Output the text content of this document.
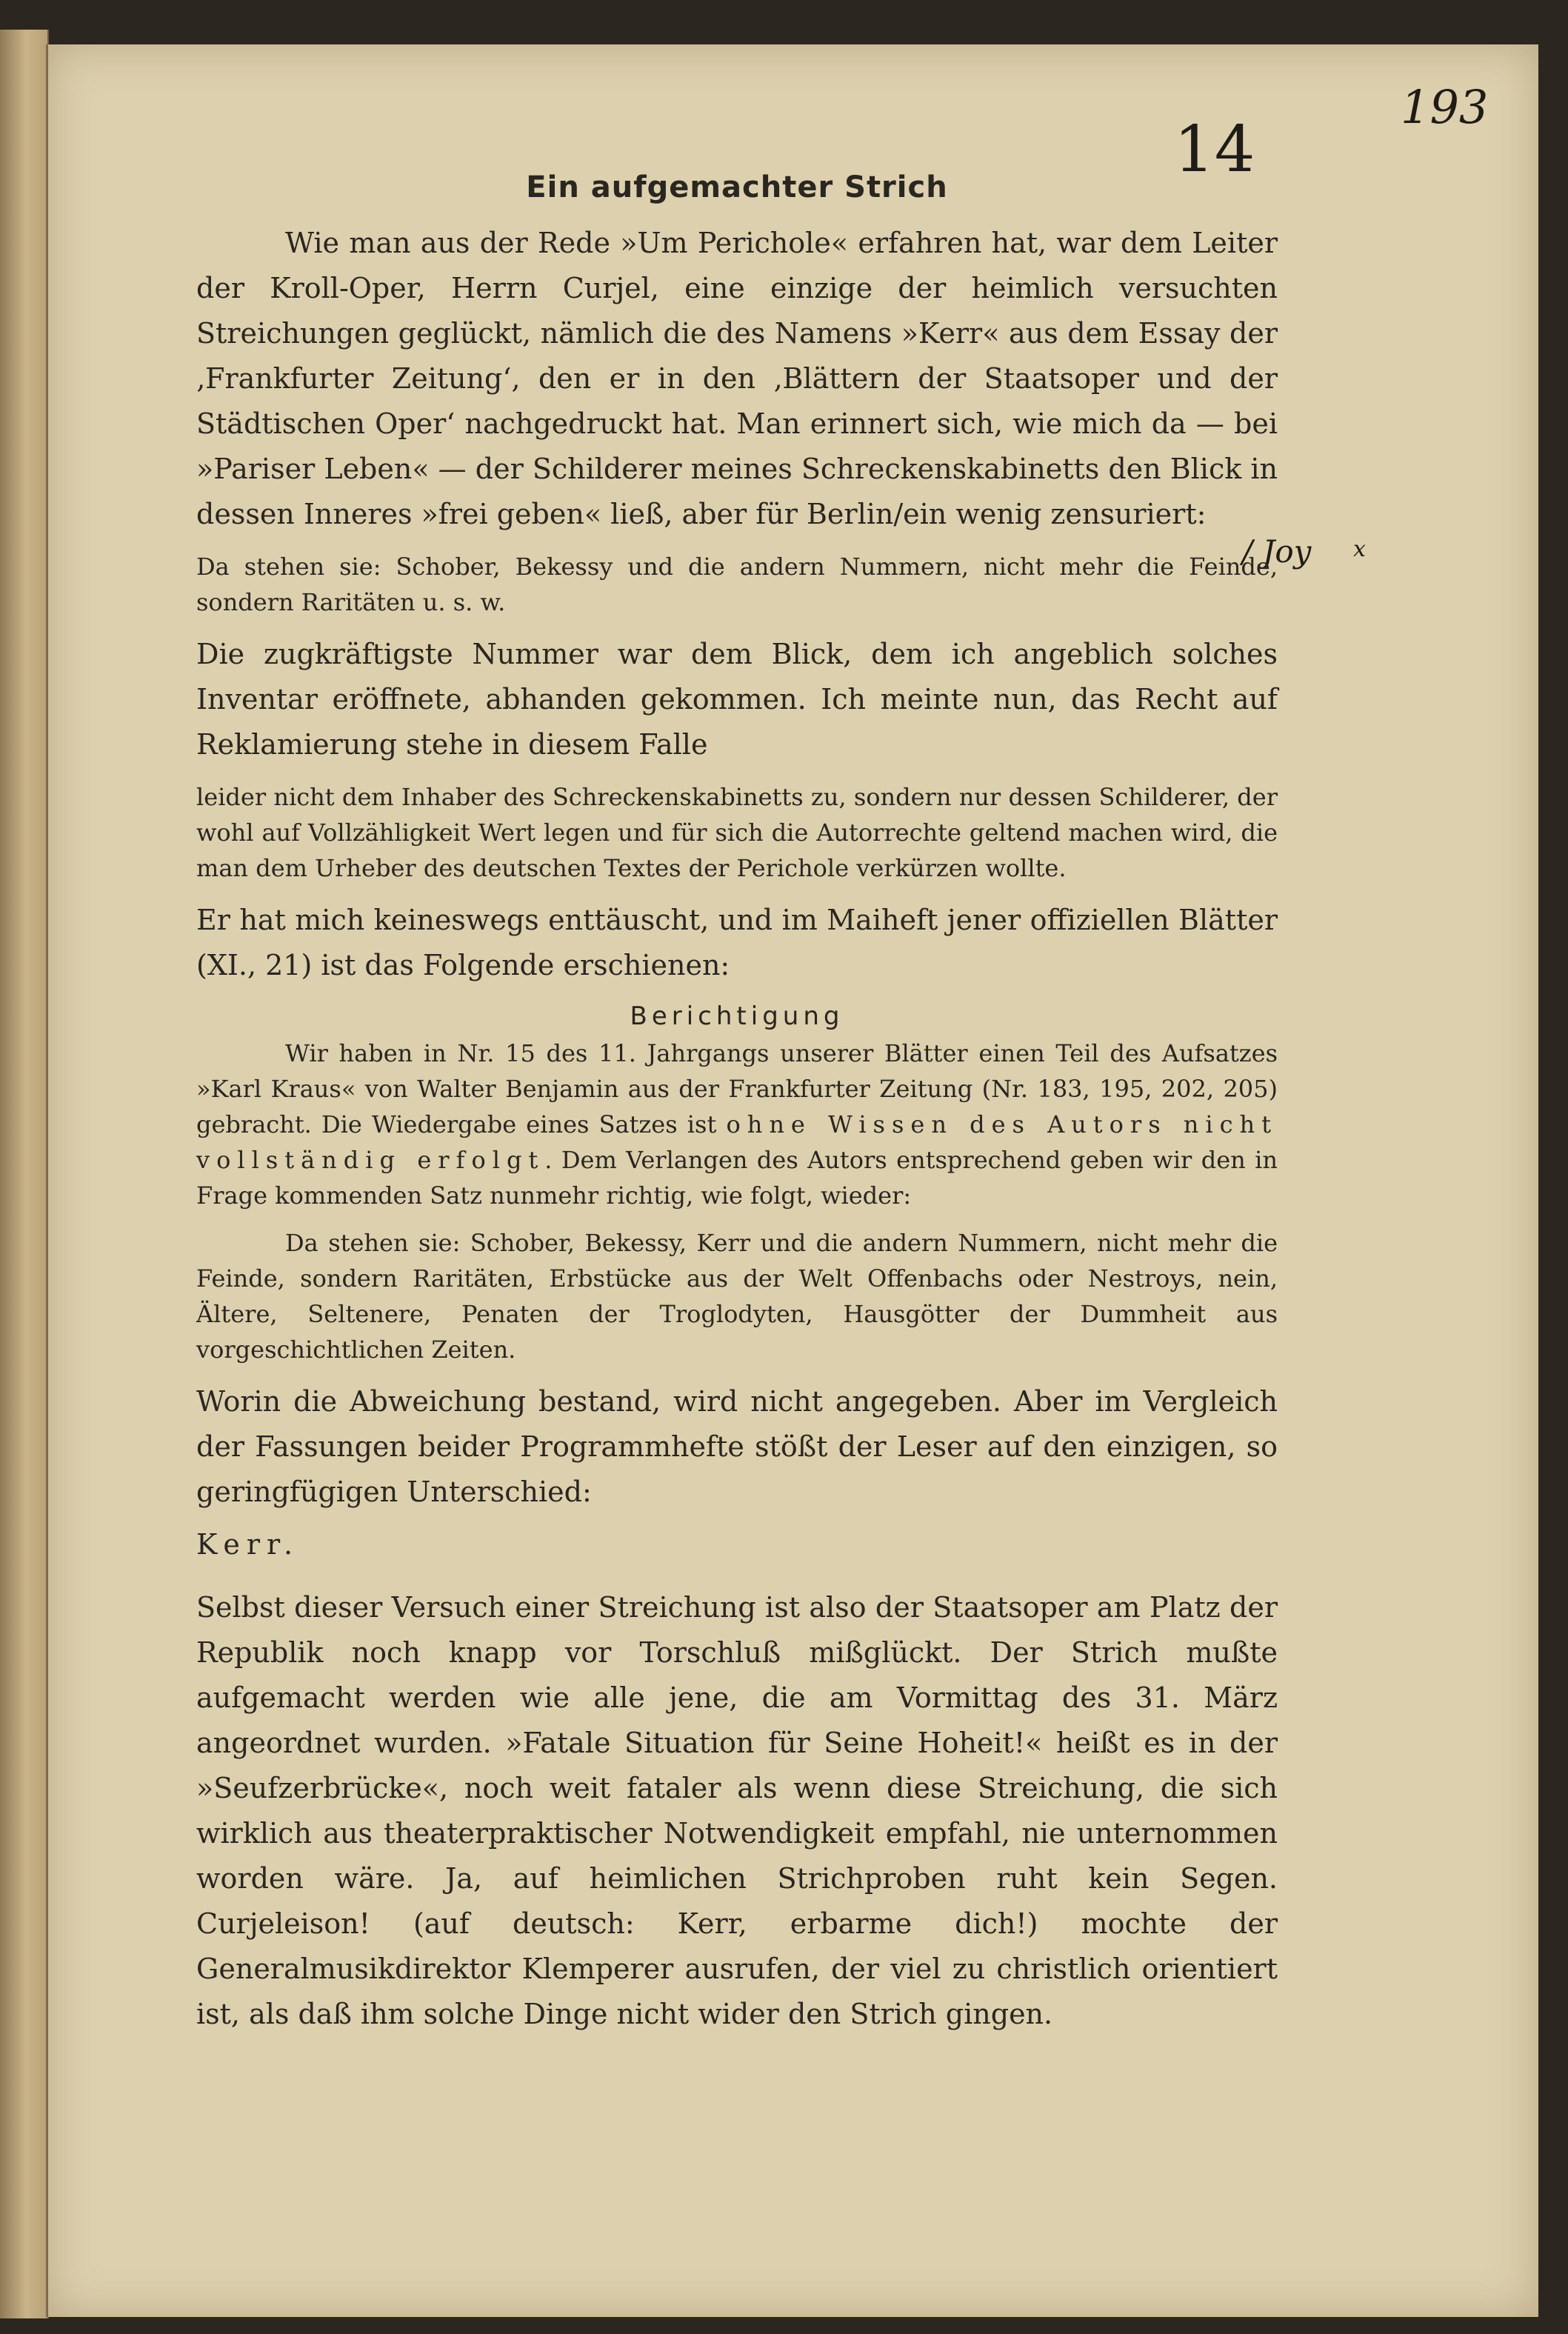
193
14
/ Joy x
Ein aufgemachter Strich

Wie man aus der Rede »Um Perichole« erfahren hat, war dem Leiter der Kroll-Oper, Herrn Curjel, eine einzige der heimlich versuchten Streichungen geglückt, nämlich die des Namens »Kerr« aus dem Essay der ‚Frankfurter Zeitung‘, den er in den ‚Blättern der Staatsoper und der Städtischen Oper‘ nachgedruckt hat. Man erinnert sich, wie mich da — bei »Pariser Leben« — der Schilderer meines Schreckenskabinetts den Blick in dessen Inneres »frei geben« ließ, aber für Berlin/ein wenig zensuriert:

Da stehen sie: Schober, Bekessy und die andern Nummern, nicht mehr die Feinde, sondern Raritäten u. s. w.

Die zugkräftigste Nummer war dem Blick, dem ich angeblich solches Inventar eröffnete, abhanden gekommen. Ich meinte nun, das Recht auf Reklamierung stehe in diesem Falle

leider nicht dem Inhaber des Schreckenskabinetts zu, sondern nur dessen Schilderer, der wohl auf Vollzähligkeit Wert legen und für sich die Autorrechte geltend machen wird, die man dem Urheber des deutschen Textes der Perichole verkürzen wollte.

Er hat mich keineswegs enttäuscht, und im Maiheft jener offiziellen Blätter (XI., 21) ist das Folgende erschienen:

Berichtigung

Wir haben in Nr. 15 des 11. Jahrgangs unserer Blätter einen Teil des Aufsatzes »Karl Kraus« von Walter Benjamin aus der Frankfurter Zeitung (Nr. 183, 195, 202, 205) gebracht. Die Wiedergabe eines Satzes ist ohne Wissen des Autors nicht vollständig erfolgt. Dem Verlangen des Autors entsprechend geben wir den in Frage kommenden Satz nunmehr richtig, wie folgt, wieder:

Da stehen sie: Schober, Bekessy, Kerr und die andern Nummern, nicht mehr die Feinde, sondern Raritäten, Erbstücke aus der Welt Offenbachs oder Nestroys, nein, Ältere, Seltenere, Penaten der Troglodyten, Hausgötter der Dummheit aus vorgeschichtlichen Zeiten.

Worin die Abweichung bestand, wird nicht angegeben. Aber im Vergleich der Fassungen beider Programmhefte stößt der Leser auf den einzigen, so geringfügigen Unterschied:

Kerr.

Selbst dieser Versuch einer Streichung ist also der Staatsoper am Platz der Republik noch knapp vor Torschluß mißglückt. Der Strich mußte aufgemacht werden wie alle jene, die am Vormittag des 31. März angeordnet wurden. »Fatale Situation für Seine Hoheit!« heißt es in der »Seufzerbrücke«, noch weit fataler als wenn diese Streichung, die sich wirklich aus theaterpraktischer Notwendigkeit empfahl, nie unternommen worden wäre. Ja, auf heimlichen Strichproben ruht kein Segen. Curjeleison! (auf deutsch: Kerr, erbarme dich!) mochte der Generalmusikdirektor Klemperer ausrufen, der viel zu christlich orientiert ist, als daß ihm solche Dinge nicht wider den Strich gingen.
